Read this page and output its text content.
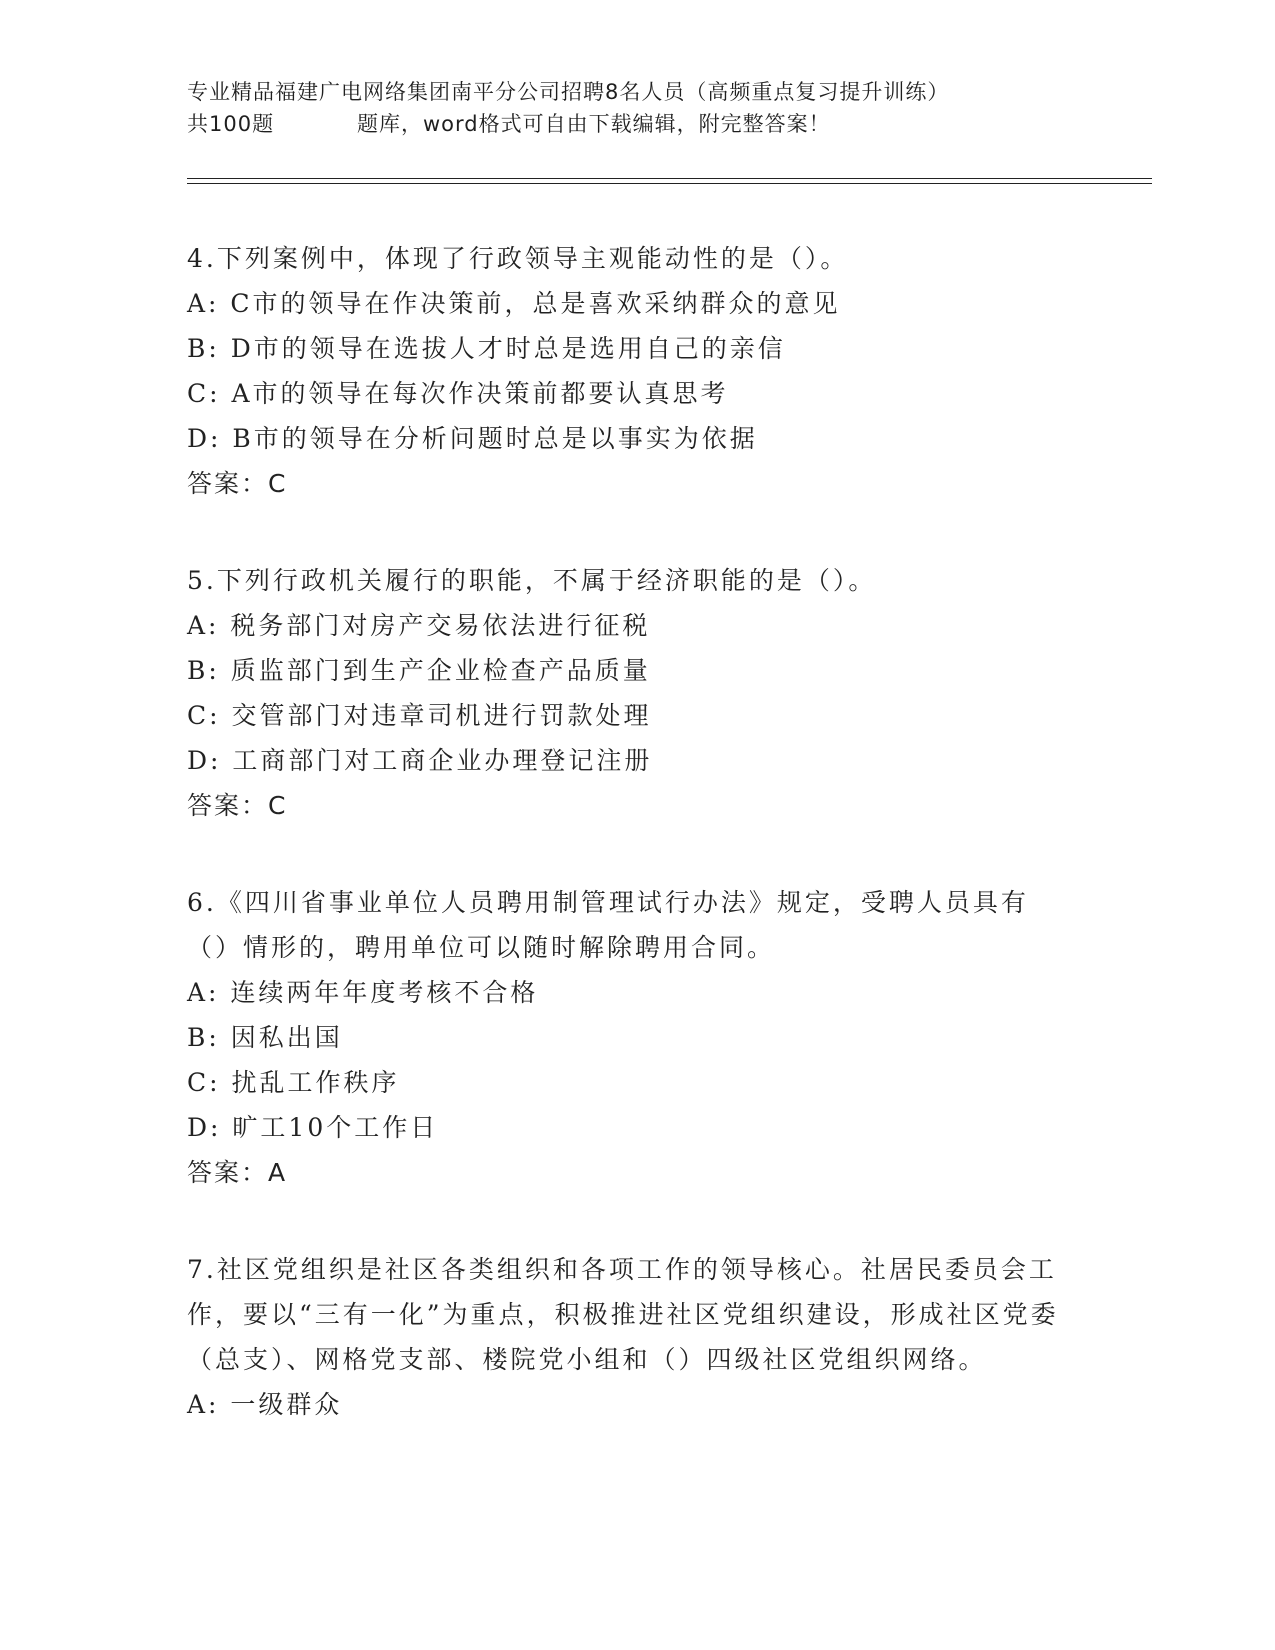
专业精品福建广电网络集团南平分公司招聘8名人员（高频重点复习提升训练）
共100题	题库，word格式可自由下载编辑，附完整答案！
4.下列案例中，体现了行政领导主观能动性的是（）。
A: C市的领导在作决策前，总是喜欢采纳群众的意见
B: D市的领导在选拔人才时总是选用自己的亲信
C: A市的领导在每次作决策前都要认真思考
D: B市的领导在分析问题时总是以事实为依据
答案：C
5.下列行政机关履行的职能，不属于经济职能的是（）。
A: 税务部门对房产交易依法进行征税
B: 质监部门到生产企业检查产品质量
C: 交管部门对违章司机进行罚款处理
D: 工商部门对工商企业办理登记注册
答案：C
6.《四川省事业单位人员聘用制管理试行办法》规定，受聘人员具有（）情形的，聘用单位可以随时解除聘用合同。
A: 连续两年年度考核不合格
B: 因私出国
C: 扰乱工作秩序
D: 旷工10个工作日
答案：A
7.社区党组织是社区各类组织和各项工作的领导核心。社居民委员会工作，要以“三有一化”为重点，积极推进社区党组织建设，形成社区党委（总支）、网格党支部、楼院党小组和（）四级社区党组织网络。
A: 一级群众
